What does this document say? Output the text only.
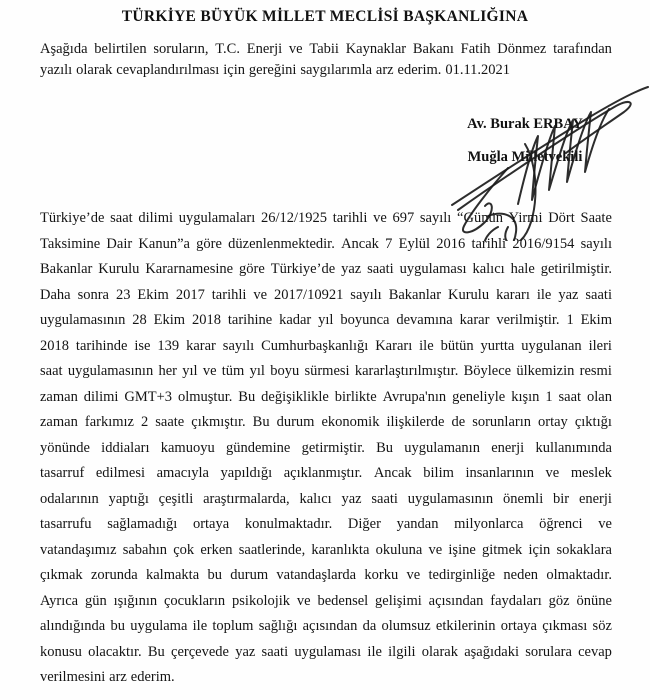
TÜRKİYE BÜYÜK MİLLET MECLİSİ BAŞKANLIĞINA
Aşağıda belirtilen soruların, T.C. Enerji ve Tabii Kaynaklar Bakanı Fatih Dönmez tarafından
yazılı olarak cevaplandırılması için gereğini saygılarımla arz ederim. 01.11.2021
Av. Burak ERBAY
Muğla Milletvekili
Türkiye’de saat dilimi uygulamaları 26/12/1925 tarihli ve 697 sayılı “Günün Yirmi Dört Saate
Taksimine Dair Kanun”a göre düzenlenmektedir. Ancak 7 Eylül 2016 tarihli 2016/9154 sayılı
Bakanlar Kurulu Kararnamesine göre Türkiye’de yaz saati uygulaması kalıcı hale getirilmiştir.
Daha sonra 23 Ekim 2017 tarihli ve 2017/10921 sayılı Bakanlar Kurulu kararı ile yaz saati
uygulamasının 28 Ekim 2018 tarihine kadar yıl boyunca devamına karar verilmiştir. 1 Ekim
2018 tarihinde ise 139 karar sayılı Cumhurbaşkanlığı Kararı ile bütün yurtta uygulanan ileri
saat uygulamasının her yıl ve tüm yıl boyu sürmesi kararlaştırılmıştır. Böylece ülkemizin resmi
zaman dilimi GMT+3 olmuştur. Bu değişiklikle birlikte Avrupa'nın geneliyle kışın 1 saat olan
zaman farkımız 2 saate çıkmıştır. Bu durum ekonomik ilişkilerde de sorunların ortay çıktığı
yönünde iddiaları kamuoyu gündemine getirmiştir. Bu uygulamanın enerji kullanımında
tasarruf edilmesi amacıyla yapıldığı açıklanmıştır. Ancak bilim insanlarının ve meslek
odalarının yaptığı çeşitli araştırmalarda, kalıcı yaz saati uygulamasının önemli bir enerji
tasarrufu sağlamadığı ortaya konulmaktadır. Diğer yandan milyonlarca öğrenci ve
vatandaşımız sabahın çok erken saatlerinde, karanlıkta okuluna ve işine gitmek için sokaklara
çıkmak zorunda kalmakta bu durum vatandaşlarda korku ve tedirginliğe neden olmaktadır.
Ayrıca gün ışığının çocukların psikolojik ve bedensel gelişimi açısından faydaları göz önüne
alındığında bu uygulama ile toplum sağlığı açısından da olumsuz etkilerinin ortaya çıkması söz
konusu olacaktır. Bu çerçevede yaz saati uygulaması ile ilgili olarak aşağıdaki sorulara cevap
verilmesini arz ederim.
